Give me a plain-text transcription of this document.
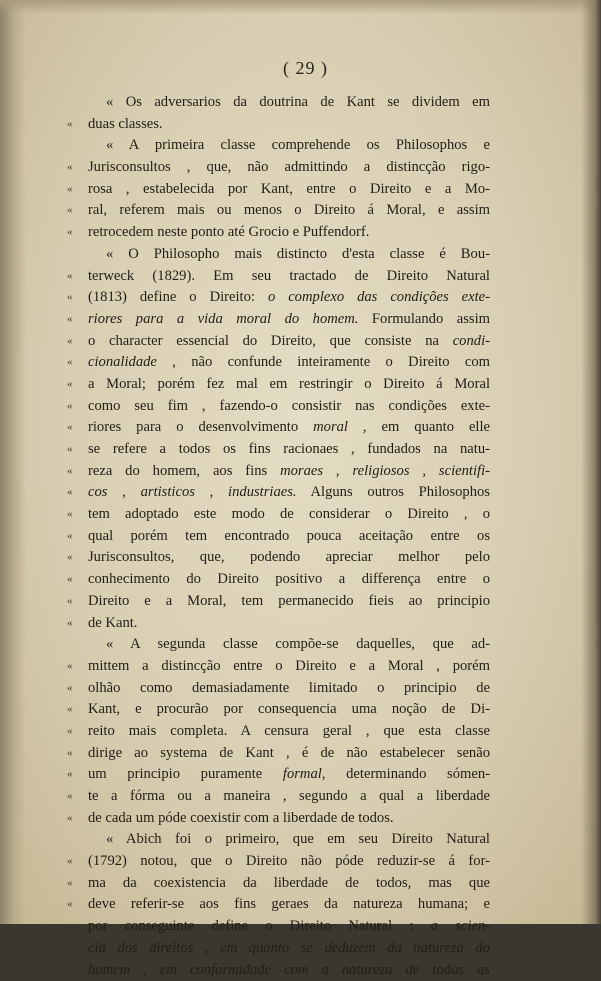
( 29 )
« Os adversarios da doutrina de Kant se dividem em
«	duas classes.
« A primeira classe comprehende os Philosophos e
«	Jurisconsultos , que, não admittindo a distincção rigo-
«	rosa , estabelecida por Kant, entre o Direito e a Mo-
«	ral, referem mais ou menos o Direito á Moral, e assim
«	retrocedem neste ponto até Grocio e Puffendorf.
« O Philosopho mais distincto d'esta classe é Bou-
«	terweck (1829). Em seu tractado de Direito Natural
«	(1813) define o Direito: o complexo das condições exte-
«	riores para a vida moral do homem. Formulando assim
«	o character essencial do Direito, que consiste na condi-
«	cionalidade , não confunde inteiramente o Direito com
«	a Moral; porém fez mal em restringir o Direito á Moral
«	como seu fim , fazendo-o consistir nas condições exte-
«	riores para o desenvolvimento moral , em quanto elle
«	se refere a todos os fins racionaes , fundados na natu-
«	reza do homem, aos fins moraes , religiosos , scientifi-
«	cos , artisticos , industriaes. Alguns outros Philosophos
«	tem adoptado este modo de considerar o Direito , o
«	qual porém tem encontrado pouca aceitação entre os
«	Jurisconsultos, que, podendo apreciar melhor pelo
«	conhecimento do Direito positivo a differença entre o
«	Direito e a Moral, tem permanecido fieis ao principio
«	de Kant.
« A segunda classe compõe-se daquelles, que ad-
«	mittem a distincção entre o Direito e a Moral , porém
«	olhão como demasiadamente limitado o principio de
«	Kant, e procurão por consequencia uma noção de Di-
«	reito mais completa. A censura geral , que esta classe
«	dirige ao systema de Kant , é de não estabelecer senão
«	um principio puramente formal, determinando sómen-
«	te a fórma ou a maneira , segundo a qual a liberdade
«	de cada um póde coexistir com a liberdade de todos.
« Abich foi o primeiro, que em seu Direito Natural
«	(1792) notou, que o Direito não póde reduzir-se á for-
«	ma da coexistencia da liberdade de todos, mas que
«	deve referir-se aos fins geraes da natureza humana; e
«	por conseguinte define o Direito Natural : a scien-
«	cia dos direitos , em quanto se deduzem da natureza do
«	homem , em conformidade com a natureza de todas as
